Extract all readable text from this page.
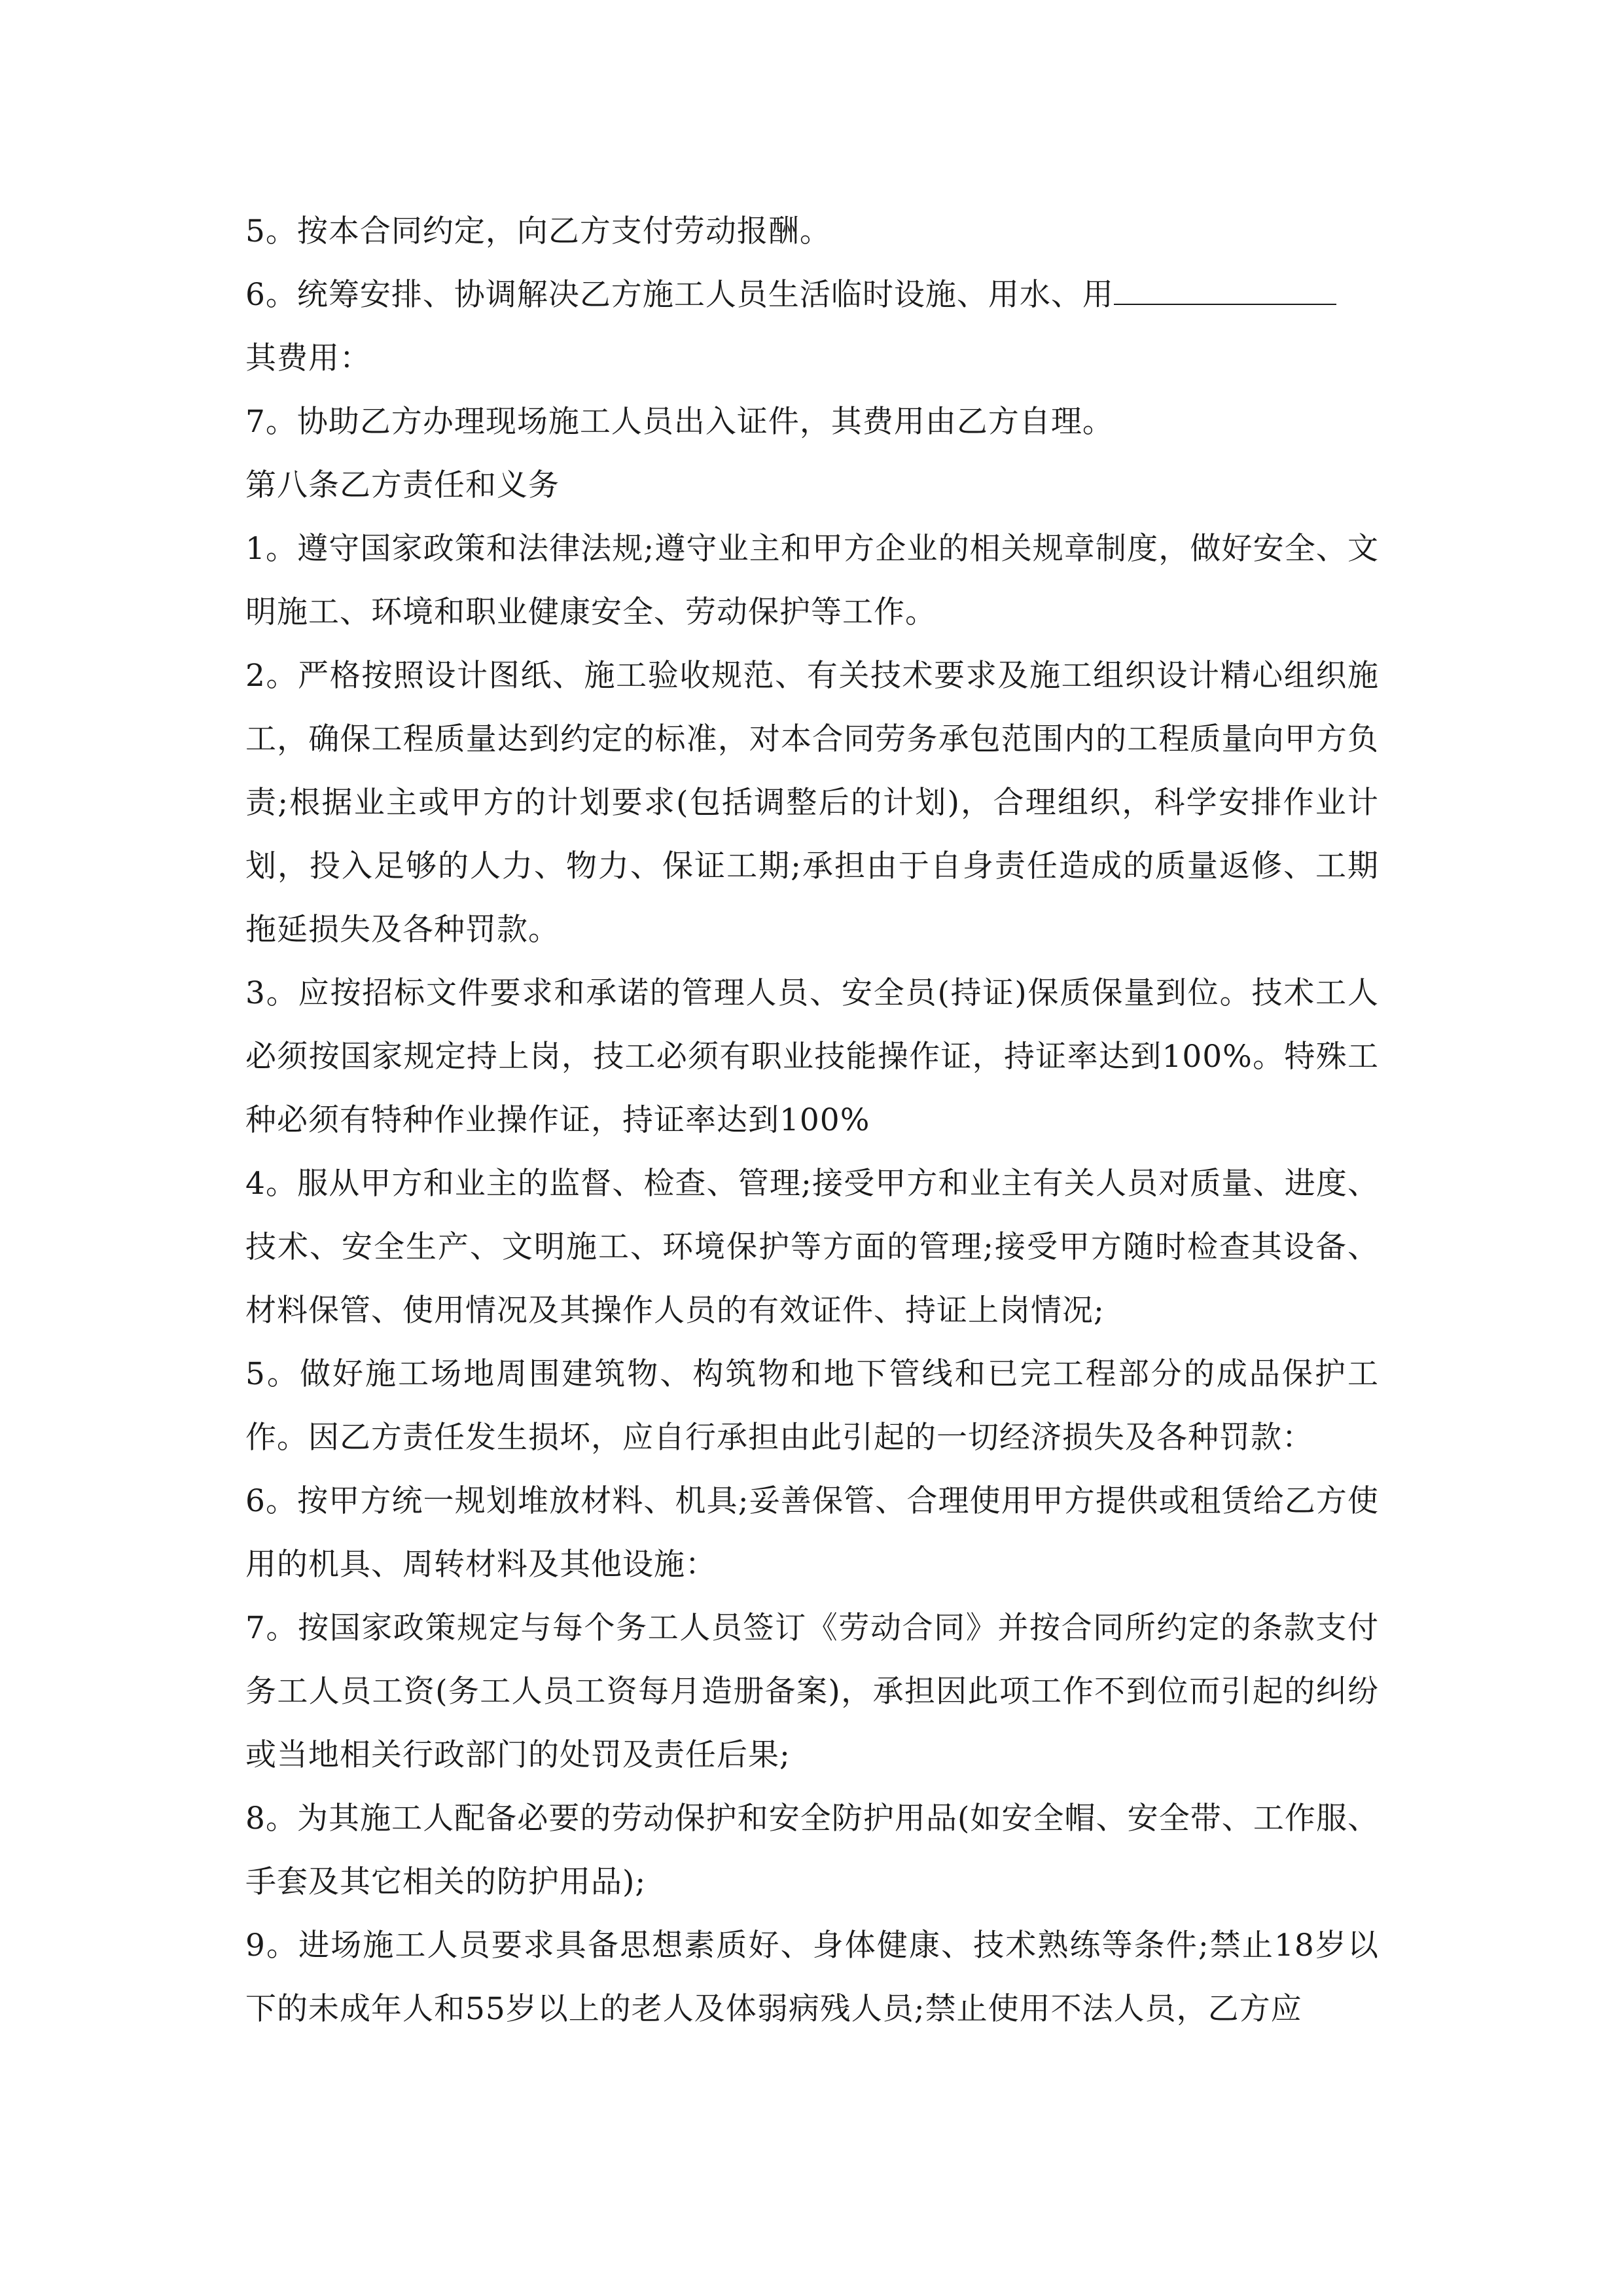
5。按本合同约定，向乙方支付劳动报酬。

6。统筹安排、协调解决乙方施工人员生活临时设施、用水、用

其费用：

7。协助乙方办理现场施工人员出入证件，其费用由乙方自理。

第八条乙方责任和义务

1。遵守国家政策和法律法规;遵守业主和甲方企业的相关规章制度，做好安全、文明施工、环境和职业健康安全、劳动保护等工作。

2。严格按照设计图纸、施工验收规范、有关技术要求及施工组织设计精心组织施工，确保工程质量达到约定的标准，对本合同劳务承包范围内的工程质量向甲方负责;根据业主或甲方的计划要求(包括调整后的计划)，合理组织，科学安排作业计划，投入足够的人力、物力、保证工期;承担由于自身责任造成的质量返修、工期拖延损失及各种罚款。

3。应按招标文件要求和承诺的管理人员、安全员(持证)保质保量到位。技术工人必须按国家规定持上岗，技工必须有职业技能操作证，持证率达到100%。特殊工种必须有特种作业操作证，持证率达到100%

4。服从甲方和业主的监督、检查、管理;接受甲方和业主有关人员对质量、进度、技术、安全生产、文明施工、环境保护等方面的管理;接受甲方随时检查其设备、材料保管、使用情况及其操作人员的有效证件、持证上岗情况;

5。做好施工场地周围建筑物、构筑物和地下管线和已完工程部分的成品保护工作。因乙方责任发生损坏，应自行承担由此引起的一切经济损失及各种罚款：

6。按甲方统一规划堆放材料、机具;妥善保管、合理使用甲方提供或租赁给乙方使用的机具、周转材料及其他设施：

7。按国家政策规定与每个务工人员签订《劳动合同》并按合同所约定的条款支付务工人员工资(务工人员工资每月造册备案)，承担因此项工作不到位而引起的纠纷或当地相关行政部门的处罚及责任后果;

8。为其施工人配备必要的劳动保护和安全防护用品(如安全帽、安全带、工作服、手套及其它相关的防护用品);

9。进场施工人员要求具备思想素质好、身体健康、技术熟练等条件;禁止18岁以下的未成年人和55岁以上的老人及体弱病残人员;禁止使用不法人员，乙方应
